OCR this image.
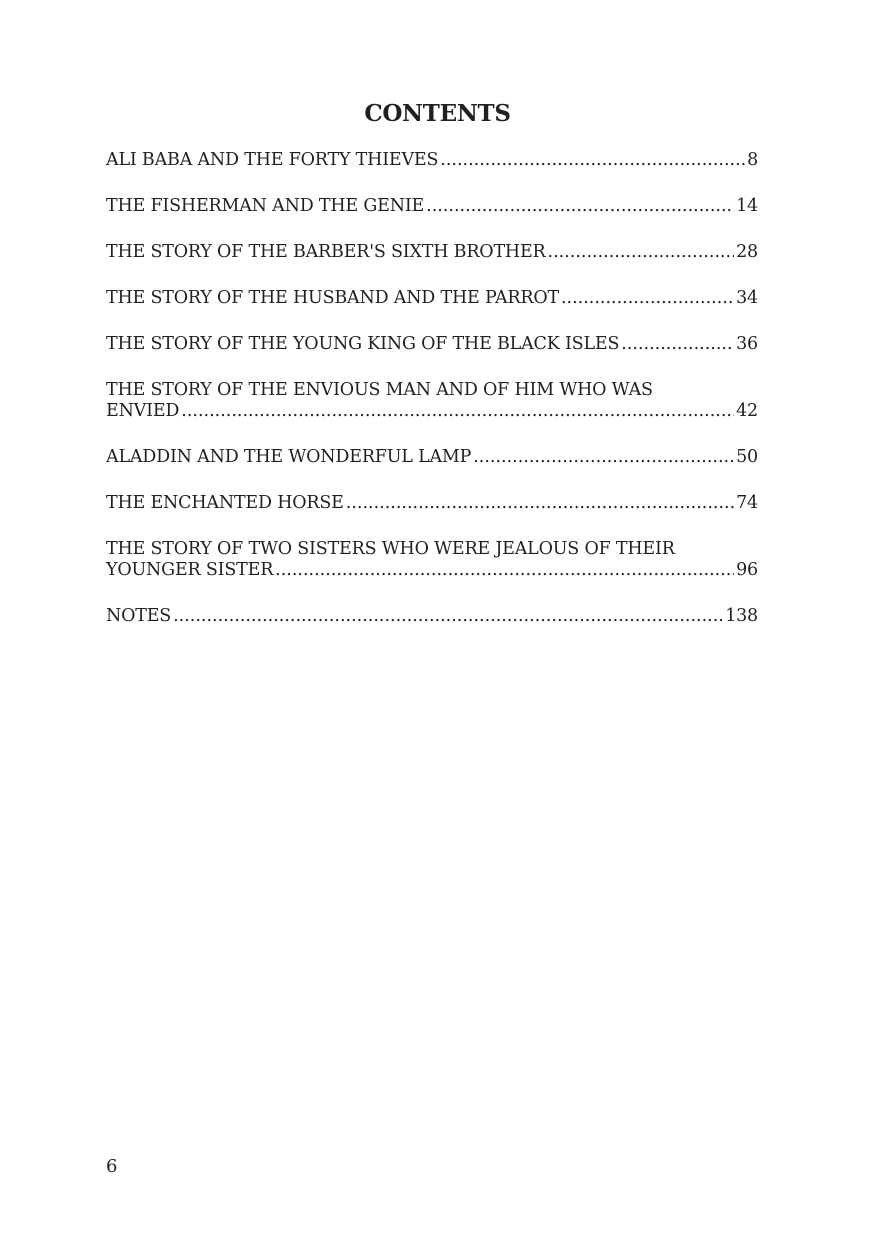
CONTENTS
ALI BABA AND THE FORTY THIEVES .....	8
THE FISHERMAN AND THE GENIE .....	14
THE STORY OF THE BARBER'S SIXTH BROTHER .....	28
THE STORY OF THE HUSBAND AND THE PARROT .....	34
THE STORY OF THE YOUNG KING OF THE BLACK ISLES .....	36
THE STORY OF THE ENVIOUS MAN AND OF HIM WHO WAS
ENVIED .....	42
ALADDIN AND THE WONDERFUL LAMP .....	50
THE ENCHANTED HORSE .....	74
THE STORY OF TWO SISTERS WHO WERE JEALOUS OF THEIR
YOUNGER SISTER .....	96
NOTES .....	138
6
